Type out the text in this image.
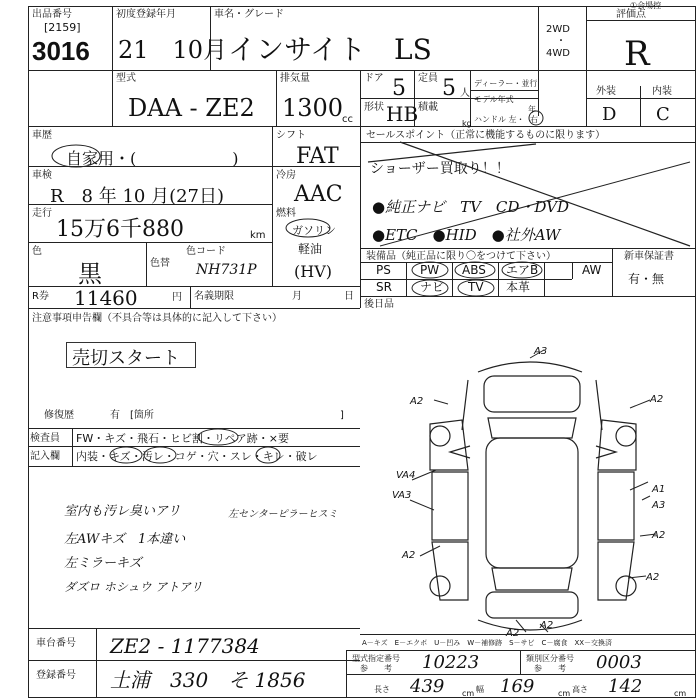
出品番号
[2159]
3016
初度登録年月
21　10月
車名・グレード
インサイト　LS
2WD
・
4WD
評価点
R
①会場控
型式
DAA - ZE2
排気量
1300
cc
ドア 5 定員 5 人
形状 HB 積載
kg
ディーラー・並行
モデル年式
年
ハンドル 左・ 右
外装	内装
D C
車歴
自家用・(　　　　　　)
シフト
FAT
車検
R　8 年 10 月(27日)
冷房
AAC
走行
15万6千880	km
燃料
ガソリン
軽油
(HV)
色
黒	色替
色コード
NH731P
R券 11460	円 名義期限	月	日
セールスポイント（正常に機能するものに限ります）
ショーザー買取り！！
●純正ナビ　TV　CD・DVD
●ETC　●HID　●社外AW
装備品（純正品に限り〇をつけて下さい）	新車保証書
有・無
PS PW ABS エアB	AW
SR ナビ TV 本革
後日品
注意事項申告欄（不具合等は具体的に記入して下さい）
売切スタート
修復歴	有　[箇所	]
検査員
記入欄
FW・キズ・飛石・ヒビ割・リペア跡・×要
内装・キズ・汚レ・コゲ・穴・スレ・キレ・破レ
室内も汚レ臭いアリ	左センターピラーヒスミ
左AWキズ　1本違い
左ミラーキズ
ダズロ ホシュウ アトアリ
A3
A2	A2
A1
A3
A2
VA4
VA3
A2
A2
A2
A2
A－キズ　E－エクボ　U－凹み　W－補修跡　S－サビ　C－腐食　XX－交換済
車台番号 ZE2 - 1177384
登録番号 土浦　330　そ 1856
型式指定番号
参　　考 10223	類別区分番号
参　　考 0003
長さ 439 cm 幅 169	cm 高さ 142	cm
